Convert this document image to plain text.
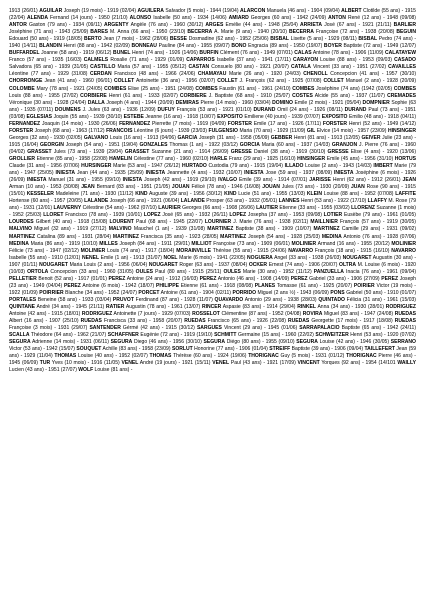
1913 (26/01) AGUILAR Joseph (19 mois) - 1919 (02/04) AGUILERA Salvador (5 mois) - 1944 (19/04) ALARCON Manuela (46 ans) - 1904 (09/04) ALBERT Clotilde (55 ans) - 1915 (22/04) ALENDA Fernand (14 jours) - 1950 (21/10) ALONSO Isabelle (50 ans) - 1934 (14/06) AMIARD Georges (60 ans) - 1942 (24/09) ANTON René (12 ans) - 1948 (09/08) ANTOR Gaston (79 ans) - 1934 (09/11) ARGENTY Angèle (76 ans) - 1960 (30/12) ARGES Emélie (44 ans) - 1948 (25/04) ARRIETA José (67 ans) - 1921 (21/11) BARLIER Joséphine (71 ans) - 1943 (25/09) BARES M. Anna (66 ans) - 1950 (23/10) BECERRA A. Marie (9 ans) - 1940 (20/10) BECERRA Françoise (72 ans) - 1938 (20/08) BEGUIN Edouard (50 ans) - 1919 (18/05) BERTO Jean (7 mois) - 1962 (28/06) BESSE Dosmadine (62 ans) - 1952 (25/06) BISBAL Lisette (5 ans) - 1929 (08/11) BISBAL Pedro (74 ans) - 1940 (14/11) BLANDIN Henri (88 ans) - 1942 (02/09) BONNEAU Pauline (84 ans) - 1955 (09/07) BONO Engracia (89 ans) - 1950 (19/07) BOYER Baptiste (72 ans) - 1949 (12/07) BUFFARDEL Joanne (58 ans) - 1919 (06/12) BUNEL Henri (74 ans) - 1926 (14/06) BURFIN Clément (76 ans) - 1949 (07/01) CALAS Antoine (78 ans) - 1906 (11/09) CALATAYEW Franco (57 ans) - 1935 (16/03) CALMELS Rosalie (71 ans) - 1929 (01/09) CAPARROS Isabelle (37 ans) - 1941 (17/11) CARAYON Louise (88 ans) - 1953 (09/03) CASADO Salvadora (65 ans) - 1939 (31/05) CASTILLO Maria (57 ans) - 1955 (05/12) CASTAN Consuelo (80 ans) - 1921 (20/07) CATALA Vincent (33 ans) - 1951 (27/02) CAVAILLES Léontine (77 ans) - 1929 (31/08) CERDAN Francisco (48 ans) - 1966 (24/06) CHAMAYAU Marie (26 ans) - 1920 (24/03) CHENOLL Concepcion (41 ans) - 1957 (30/10) CHORRONGE Jean (41 ans) - 1960 (06/01) COLLET Antoinette (36 ans) - 1956 (02/07) COLLET J. François (62 ans) - 1925 (07/08) COLLET Manuel (2 ans) - 1928 (20/09) COLOMBE Mary (78 ans) - 1921 (24/05) COMBES Elise (25 ans) - 1951 (24/08) COMBES Faustin (61 ans) - 1961 (24/10) COMBES Joséphine (74 ans) (1942 (02/05) COMBES Louis (88 ans) - 1955 (27/02) CORBIERE Henri (61 ans) - 1933 (02/07) CORBIERE J. Baptiste (68 ans) - 1910 (25/07) COSTES Alcide (55 ans) - 1937 (11/07) CREMADES Véronique (30 ans) - 1928 (24/04) DALLA Joseph (4 ans) - 1944 (20/09) DEMIRAS Pierre (14 mois) - 1960 (03/04) DOMINO Emile (2 mois) - 1921 (05/04) DOMPNIER Sophie (63 ans) - 1935 (07/11) DOUMENS J. Jules (63 ans) - 1936 (12/09) DUFUY François (53 ans) - 1921 (01/10) DURAND Omil (24 ans) - 1926 (08/11) DURAND Paul (73 ans) - 1951 (03/08) EGLESIAS Joquin (55 ans) - 1939 (30/10) ESTEBE Jeanne (16 ans) - 1918 (10/07) EXPOSITO Emiliene (40 jours) - 1939 (07/07) EXPOSITO Emilio (48 ans) - 1918 (04/11) FERNANDEZ Joaquin (14 mois) - 1930 (26/06) FERNANDEZ Pierrette (7 mois) - 1919 (04/09) FORSTER Emile (17 ans) - 1926 (17/11) FORSTER Henri (52 ans) - 1949 (14/12) FORSTER Joseph (68 ans) - 1963 (17/12) FRANCOIS Léontine (6 jours) - 1939 (23/03) FULGENSIO Maria (70 ans) - 1929 (11/09) GIL Elvice (14 mois) - 1957 (23/09) HINSINGER Georges (32 ans) - 1930 (02/05) GALVANO Louis (16 ans) - 1913 (04/06) GARCIA Joseph (31 ans) - 1958 (05/09) GEBBER Henri (81 ans) - 1913 (12/05) GEIVER Julie (23 ans) - 1915 (16/04) GEORGIN Joseph (54 ans) - 1951 (19/04) GONZALES Thomas (1 an) - 1922 (03/12) GORCIA Maria (60 ans) - 1937 (14/03) GRANJON J. Pierre (76 ans) - 1960 (04/02) GRASSET Jules (73 ans) - 1939 (29/04) GRASSET Suzanne (21 ans) - 1914 (26/09) GRESSE Daniel (38 ans) - 1919 (30/10) GRESSE Elise (4 ans) - 1920 (13/06) GROLLIER Etienne (85 ans) - 1958 (22/08) HAMELIN Célestine (77 ans) - 1960 (02/10) HARLE Franz (29 ans) - 1925 (16/10) HINSINGER Emile (45 ans) - 1956 (31/10) HORTUS Claude (31 ans) - 1956 (07/06) HURSINGER Marie (53 ans) - 1947 (26/12) HURTADO Custodia (79 ans) - 1915 (19/04) ILLADO Louise (2 ans) - 1943 (14/03) IMBERT Marie (79 ans) - 1947 (25/05) INIESTA Jean (44 ans) - 1935 (25/09) INIESTA Jeannette (4 ans) - 1932 (10/07) INIESTA Jose (59 ans) - 1937 (08/09) INIESTA Joséphine (6 mois) - 1926 (26/09) INIESTA Manuel (31 ans) - 1955 (09/10) INIESTA Joseph (42 ans) - 1919 (29/10) IVALGO Emile (39 ans) - 1914 (07/01) JARISSE Henri (62 ans) - 1912 (26/01) JEAN Arman (10 ans) - 1953 (30/08) JEAN Bernard (83 ans) - 1951 (21/05) JOUAN Félicé (78 ans) - 1946 (16/08) JOUAN Jules (73 ans) - 1930 (20/09) JUAN Rose (90 ans) - 1915 (15/01) KESSELER Madeleine (71 ans) - 1930 (11/12) KIND Auguste (39 ans) - 1956 (30/12) KIND Lucie (51 ans) - 1955 (13/03) KLEIN Louise (88 ans) - 1952 (07/08) LAFFITE Hortense (60 ans) - 1957 (20/05) LALANDE Joseph (66 ans) - 1921 (06/04) LALANDE Prosper (63 ans) - 1932 (05/01) LANNES Henri (53 ans) - 1922 (17/10) LLAFFY M. Rose (79 ans) - 1931 (12/01) LAUVERNY Célestine (54 ans) - 1962 (07/10) LAURIER Georges (66 ans) - 1908 (26/06) LAUTIER Etienne (33 ans) - 1955 (03/02) LLORENZ Suzanne (1 mois) - 1952 (25/03) LLORET Francisco (78 ans) - 1939 (10/01) LOPEZ José (65 ans) - 1932 (26/11) LOPEZ Josepha (37 ans) - 1953 (09/08) LOTIER Eusèbe (79 ans) - 1961 (01/05) LOURDES Gilbert (40 ans) - 1918 (15/08) LOURENT Paul (68 ans) - 1945 (22/07) LOURNIER J. Marie (76 ans) - 1938 (02/11) MAILLNIER François (57 ans) - 1919 (30/05) MALVINO Miguel (32 ans) - 1919 (27/12) MALVINO Mauchel (1 an) - 1939 (31/08) MARTINEZ Baptiste (38 ans) - 1909 (10/07) MARTINEZ Camille (29 ans) - 1931 (09/02) MARTINEZ Catalina (89 ans) - 1931 (28/04) MARTINEZ Francisca (35 ans) - 1923 (28/05) MARTINEZ Joseph (54 ans) - 1928 (25/03) MEDINA Antonio (76 ans) - 1928 (07/06) MEDINA Maria (86 ans) - 1919 (10/10) MILLES Joseph (84 ans) - 1911 (29/01) MILLIOT Françoise (73 ans) - 1909 (06/01) MOLINIER Armand (16 ans) - 1955 (20/12) MOLINIER Félicie (73 ans) - 1947 (02/12) MOLINIER Louis (74 ans) - 1917 (18/04) MORAINVILLE Thérèse (55 ans) - 1915 (24/06) NAVARRO François (18 ans) - 1915 (16/10) NAVARRO Isabelle (55 ans) - 1910 (12/01) NENEL Emile (1 an) - 1913 (31/07) NOEL Marie (6 mois) - 1941 (22/05) NOGUERA Angel (33 ans) - 1938 (26/03) NOUGARET Augustin (30 ans) - 1907 (01/11) NOUGARET Maria Louis (2 ans) - 1956 (06/04) NOUGARET Roger (63 ans) - 1937 (08/04) OCKER Ernest (74 ans) - 1906 (20/07) OLTRA M. Louise (6 mois) - 1920 (10/03) ORTOLA Concepcion (33 ans) - 1960 (31/05) OULES Paul (80 ans) - 1915 (25/11) OULES Marie (30 ans) - 1952 (11/12) PANZUELLA Inacia (76 ans) - 1961 (09/04) PELLETIER Benoit (52 ans) - 1917 (01/01) PEREZ Antoine (24 ans) - 1912 (16/03) PEREZ Antonio (46 ans) - 1908 (14/09) PEREZ Gabriel (33 ans) - 1906 (27/09) PEREZ Joseph (23 ans) - 1949 (04/04) PEREZ Antoine (6 mois) - 1942 (18/07) PHILIPPE Etienne (61 ans) - 1918 (08/08) PLANES Tomasse (61 ans) - 1925 (20/07) POIRIER Victor (19 mois) - 1922 (01/09) POIRRIER Blanche (34 ans) - 1952 (24/07) PORCET Antoine (61 ans) - 1904 (02/11) PORRIDO Miguel (2 ans ½) - 1943 (06/09) PONS Gabriel (50 ans) - 1910 (01/07) PORTALES Beneine (58 ans) - 1933 (03/04) PRUVOT Ferdinand (87 ans) - 1928 (11/07) QUAVARDO Antonio (29 ans) - 1938 (28/03) QUINTADO Félicia (31 ans) - 1961 (15/03) QUINTANE André (34 ans) - 1945 (21/11) RATIER Augustin (78 ans) - 1961 (13/07) RINCER Aspasie (83 ans) - 1914 (29/04) RINKEL Anna (34 ans) - 1930 (28/01) RODRIGUEZ Antoine (42 ans) - 1915 (18/01) RODRIGUEZ Antoinette (7 jours) - 1929 (07/03) ROSSELOT Clémentine (87 ans) - 1952 (04/08) ROVIRA Miguel (83 ans) - 1947 (24/08) RUEDAS Albert (16 ans) - 1907 (25/10) RUEDAS Francisca (33 ans) - 1958 (20/07) RUEDAS Francisco (65 ans) - 1926 (22/08) RUEDAS Georgette (17 mois) - 1917 (18/08) RUEDAS Françoise (3 mois) - 1931 (29/07) SANTENDER Gérmé (42 ans) - 1915 (30/12) SARGUES Vincent (29 ans) - 1945 (01/06) SARRAPALACIO Baptiste (65 ans) - 1942 (24/11) SCALLA Théodore (64 ans) - 1962 (21/07) SCHAFFNER Eugénie (72 ans) - 1919 (19/10) SCHMITT Germaine (15 ans) - 1960 (22/02) SCHWEITZER Henri (53 ans) - 1920 (07/02) SEGURA Adrienne (14 mois) - 1931 (06/11) SEGURA Diego (46 ans) - 1956 (30/10) SEGURA Diégo (80 ans) - 1955 (09/10) SEGURA Louise (42 ans) - 1946 (30/05) SERRANO Victor (53 ans) - 1942 (15/07) SOUQUET Achille (83 ans) - 1958 (23/09) SORLUT Honorine (77 ans) - 1906 (01/04) STREIFF Baptiste (39 ans) - 1906 (09/04) TAILLEFERT Jean (59 ans) - 1929 (11/04) THOMAS Louise (40 ans) - 1952 (02/07) THOMAS Thérèse (60 ans) - 1924 (19/06) THORIGNAC Guy (5 mois) - 1931 (01/12) THORIGNAC Pierre (46 ans) - 1945 (06/09) TUR Yves (10 mois) - 1916 (11/05) VENEL André (19 jours) - 1921 (15/11) VENEL Paul (43 ans) - 1921 (17/09) VINCENT Yorques (92 ans) - 1954 (14/101 WAILLY Lucien (43 ans) - 1951 (27/07) WOLF Louise (81 ans) -
